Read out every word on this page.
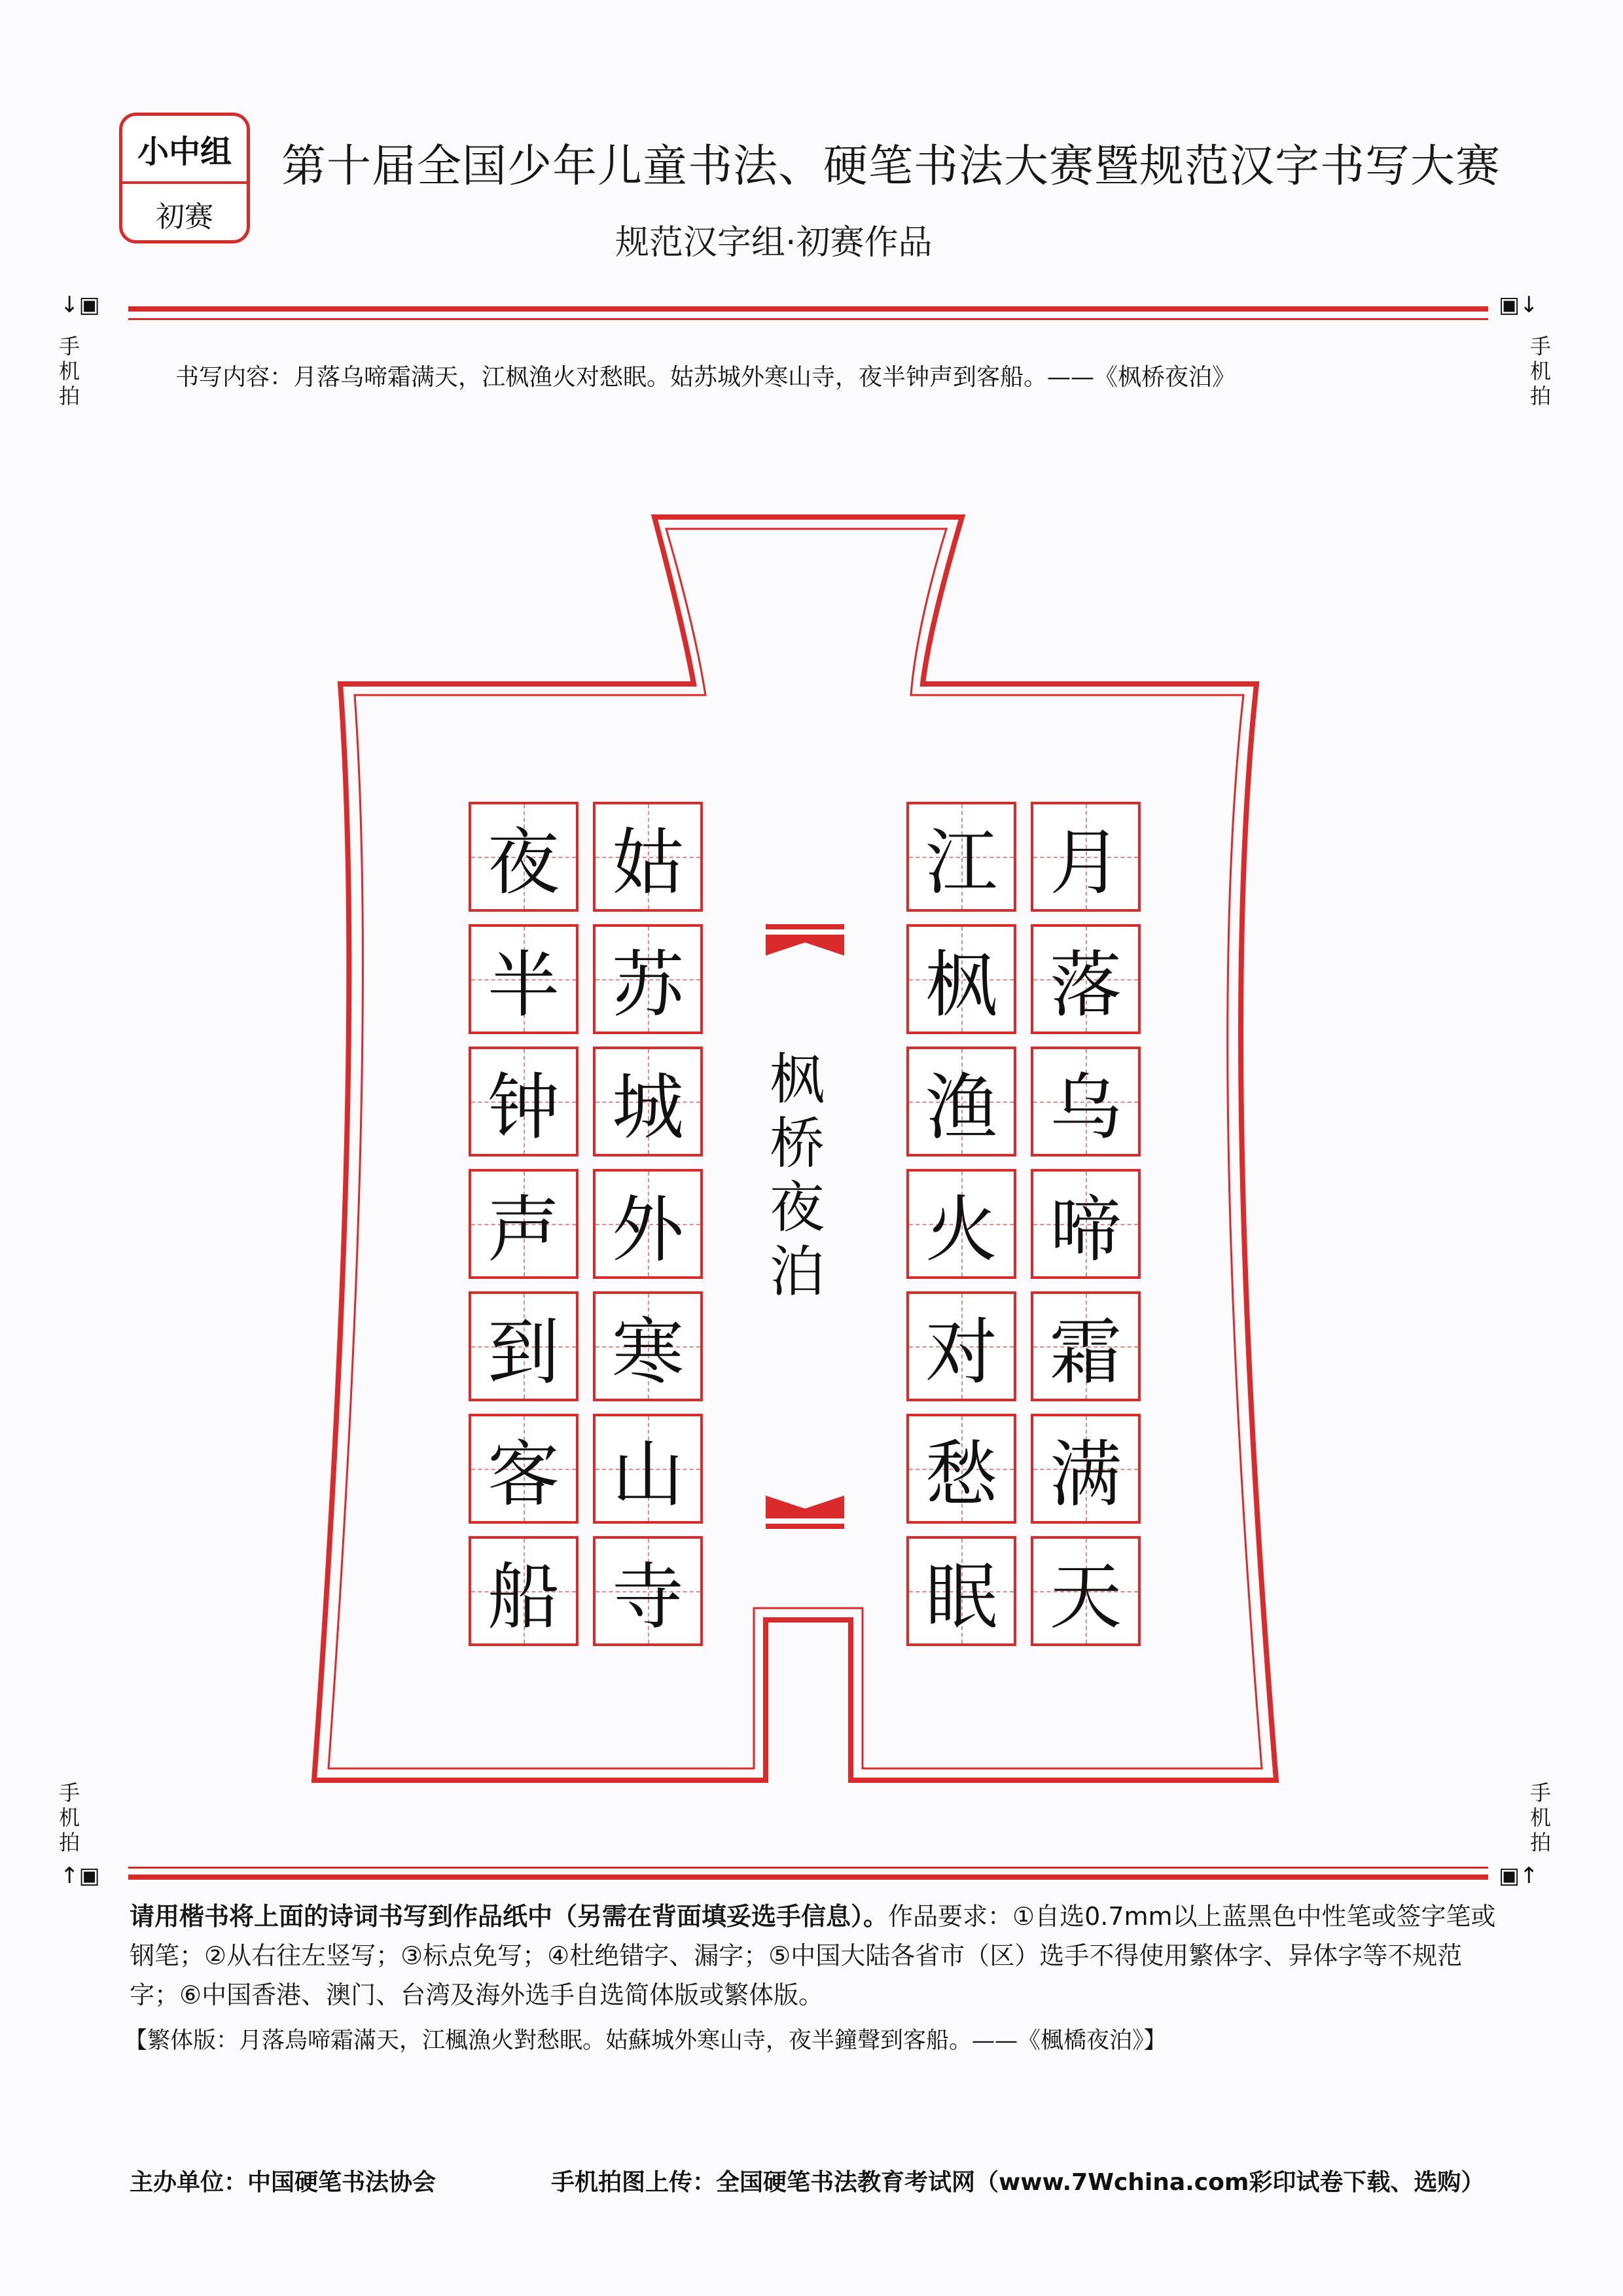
小中组
初赛
第十届全国少年儿童书法、硬笔书法大赛暨规范汉字书写大赛
规范汉字组·初赛作品
↓▣	▣↓
手
机
拍
手
机
拍
书写内容：月落乌啼霜满天，江枫渔火对愁眠。姑苏城外寒山寺，夜半钟声到客船。——《枫桥夜泊》
月
落
乌
啼
霜
满
天
江
枫
渔
火
对
愁
眠
姑
苏
城
外
寒
山
寺
夜
半
钟
声
到
客
船
枫
桥
夜
泊
手
机
拍
手
机
拍
↑▣	▣↑
请用楷书将上面的诗词书写到作品纸中（另需在背面填妥选手信息）。作品要求：①自选0.7mm以上蓝黑色中性笔或签字笔或钢笔；②从右往左竖写；③标点免写；④杜绝错字、漏字；⑤中国大陆各省市（区）选手不得使用繁体字、异体字等不规范字；⑥中国香港、澳门、台湾及海外选手自选简体版或繁体版。
【繁体版：月落烏啼霜滿天，江楓漁火對愁眠。姑蘇城外寒山寺，夜半鐘聲到客船。——《楓橋夜泊》】
主办单位：中国硬笔书法协会	手机拍图上传：全国硬笔书法教育考试网（www.7Wchina.com彩印试卷下载、选购）
